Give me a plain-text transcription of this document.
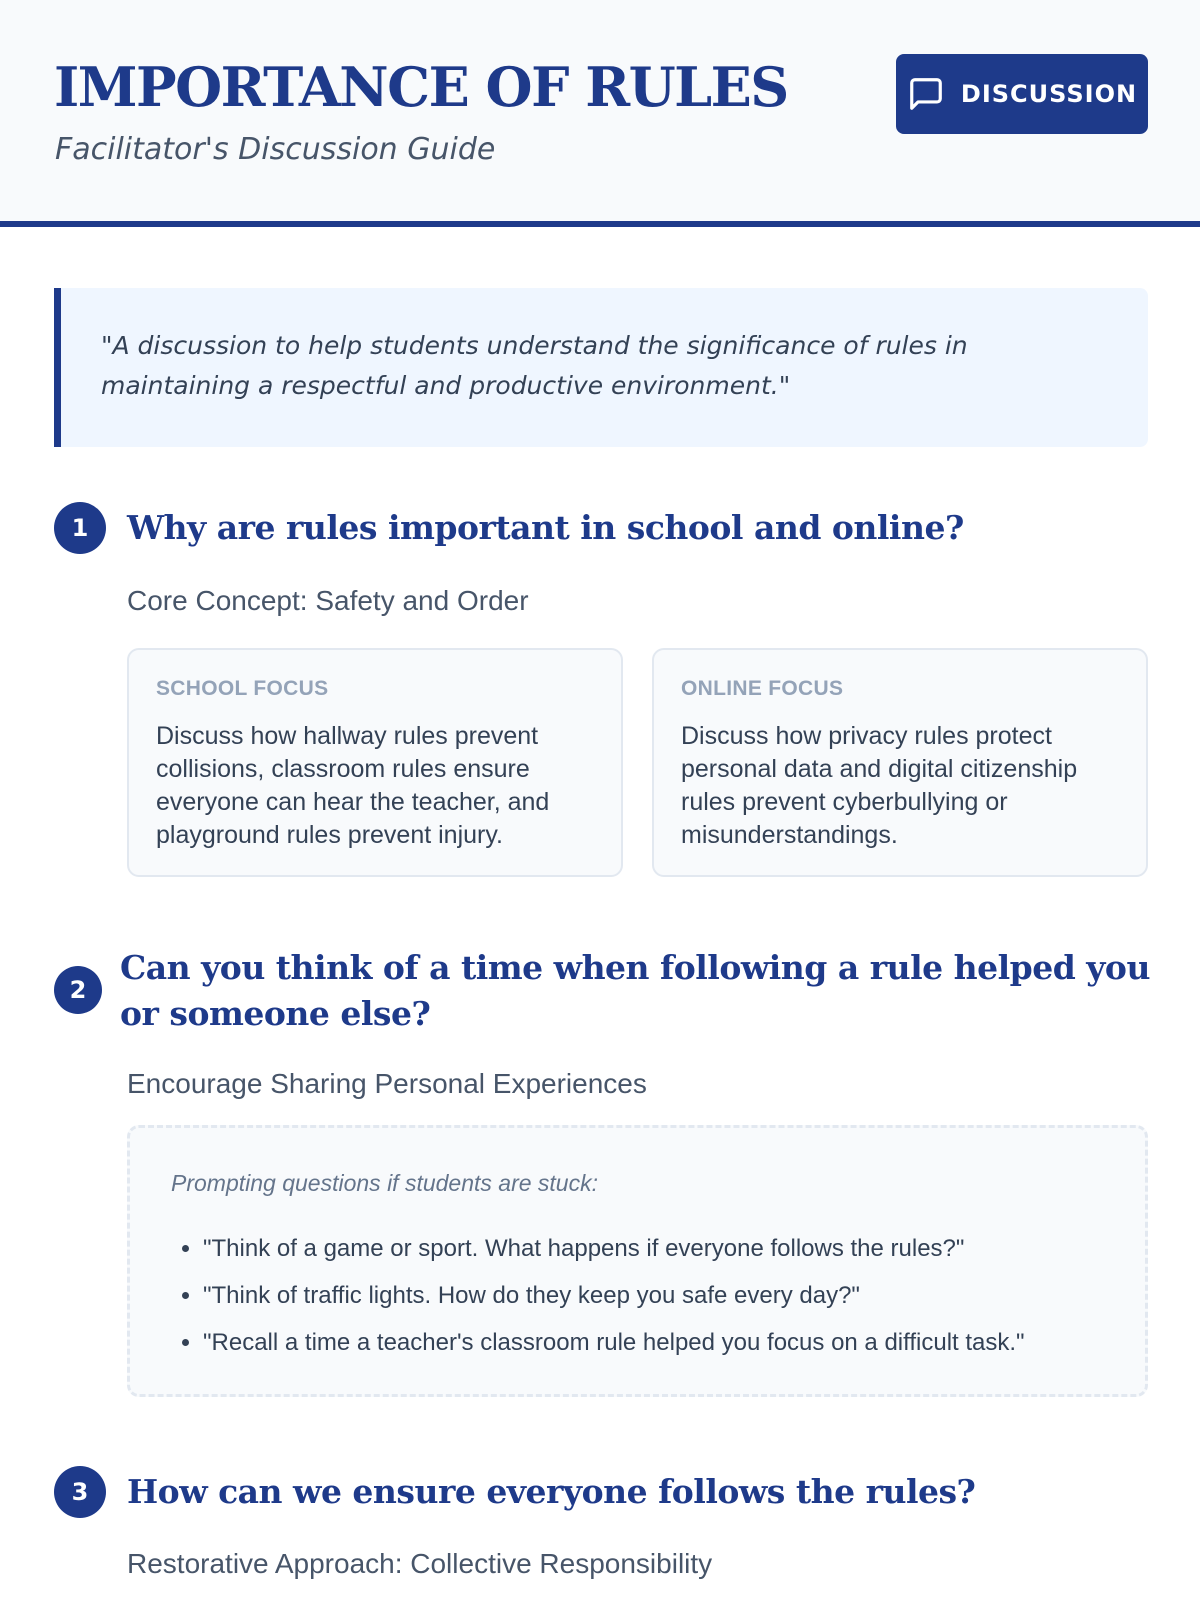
IMPORTANCE OF RULES
Facilitator's Discussion Guide
DISCUSSION
"A discussion to help students understand the significance of rules in maintaining a respectful and productive environment."
1	Why are rules important in school and online?
Core Concept: Safety and Order
SCHOOL FOCUS
Discuss how hallway rules prevent collisions, classroom rules ensure everyone can hear the teacher, and playground rules prevent injury.
ONLINE FOCUS
Discuss how privacy rules protect personal data and digital citizenship rules prevent cyberbullying or misunderstandings.
2
Can you think of a time when following a rule helped you or someone else?
Encourage Sharing Personal Experiences
Prompting questions if students are stuck:
• "Think of a game or sport. What happens if everyone follows the rules?"
• "Think of traffic lights. How do they keep you safe every day?"
• "Recall a time a teacher's classroom rule helped you focus on a difficult task."
3	How can we ensure everyone follows the rules?
Restorative Approach: Collective Responsibility
